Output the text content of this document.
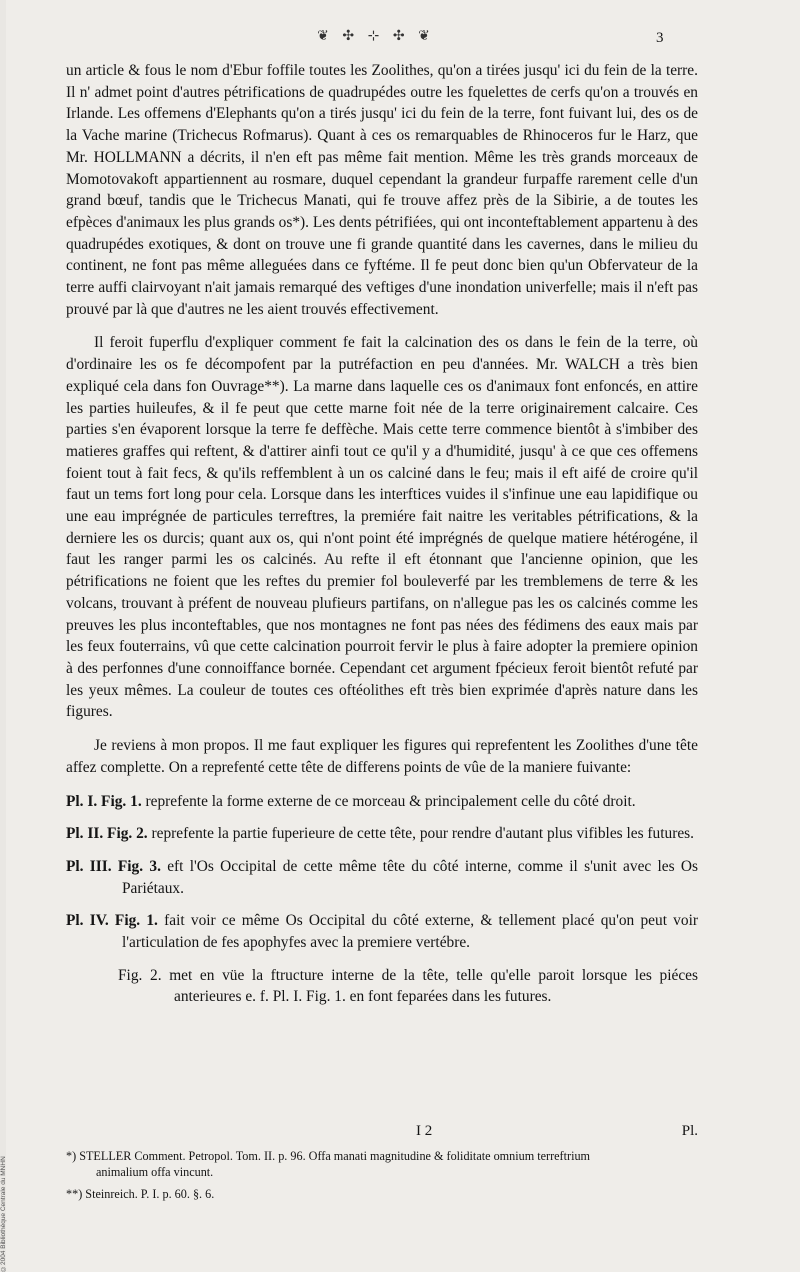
❦ ✣ ⊹ ✣ ❦	3

un article & fous le nom d'Ebur foffile toutes les Zoolithes, qu'on a tirées jusqu' ici du fein de la terre. Il n' admet point d'autres pétrifications de quadrupédes outre les fquelettes de cerfs qu'on a trouvés en Irlande. Les offemens d'Elephants qu'on a tirés jusqu' ici du fein de la terre, font fuivant lui, des os de la Vache marine (Trichecus Rofmarus). Quant à ces os remarquables de Rhinoceros fur le Harz, que Mr. HOLLMANN a décrits, il n'en eft pas même fait mention. Même les très grands morceaux de Momotovakoft appartiennent au rosmare, duquel cependant la grandeur furpaffe rarement celle d'un grand bœuf, tandis que le Trichecus Manati, qui fe trouve affez près de la Sibirie, a de toutes les efpèces d'animaux les plus grands os*). Les dents pétrifiées, qui ont inconteftablement appartenu à des quadrupédes exotiques, & dont on trouve une fi grande quantité dans les cavernes, dans le milieu du continent, ne font pas même alleguées dans ce fyftéme. Il fe peut donc bien qu'un Obfervateur de la terre auffi clairvoyant n'ait jamais remarqué des veftiges d'une inondation univerfelle; mais il n'eft pas prouvé par là que d'autres ne les aient trouvés effectivement.

Il feroit fuperflu d'expliquer comment fe fait la calcination des os dans le fein de la terre, où d'ordinaire les os fe décompofent par la putréfaction en peu d'années. Mr. WALCH a très bien expliqué cela dans fon Ouvrage**). La marne dans laquelle ces os d'animaux font enfoncés, en attire les parties huileufes, & il fe peut que cette marne foit née de la terre originairement calcaire. Ces parties s'en évaporent lorsque la terre fe deffèche. Mais cette terre commence bientôt à s'imbiber des matieres graffes qui reftent, & d'attirer ainfi tout ce qu'il y a d'humidité, jusqu' à ce que ces offemens foient tout à fait fecs, & qu'ils reffemblent à un os calciné dans le feu; mais il eft aifé de croire qu'il faut un tems fort long pour cela. Lorsque dans les interftices vuides il s'infinue une eau lapidifique ou une eau imprégnée de particules terreftres, la premiére fait naitre les veritables pétrifications, & la derniere les os durcis; quant aux os, qui n'ont point été imprégnés de quelque matiere hétérogéne, il faut les ranger parmi les os calcinés. Au refte il eft étonnant que l'ancienne opinion, que les pétrifications ne foient que les reftes du premier fol bouleverfé par les tremblemens de terre & les volcans, trouvant à préfent de nouveau plufieurs partifans, on n'allegue pas les os calcinés comme les preuves les plus inconteftables, que nos montagnes ne font pas nées des fédimens des eaux mais par les feux fouterrains, vû que cette calcination pourroit fervir le plus à faire adopter la premiere opinion à des perfonnes d'une connoiffance bornée. Cependant cet argument fpécieux feroit bientôt refuté par les yeux mêmes. La couleur de toutes ces oftéolithes eft très bien exprimée d'après nature dans les figures.

Je reviens à mon propos. Il me faut expliquer les figures qui reprefentent les Zoolithes d'une tête affez complette. On a reprefenté cette tête de differens points de vûe de la maniere fuivante:

Pl. I. Fig. 1. reprefente la forme externe de ce morceau & principalement celle du côté droit.
Pl. II. Fig. 2. reprefente la partie fuperieure de cette tête, pour rendre d'autant plus vifibles les futures.
Pl. III. Fig. 3. eft l'Os Occipital de cette même tête du côté interne, comme il s'unit avec les Os Pariétaux.
Pl. IV. Fig. 1. fait voir ce même Os Occipital du côté externe, & tellement placé qu'on peut voir l'articulation de fes apophyfes avec la premiere vertébre.
Fig. 2. met en vüe la ftructure interne de la tête, telle qu'elle paroit lorsque les piéces anterieures e. f. Pl. I. Fig. 1. en font feparées dans les futures.
I 2	Pl.
*) STELLER Comment. Petropol. Tom. II. p. 96. Offa manati magnitudine & foliditate omnium terreftrium
animalium offa vincunt.
**) Steinreich. P. I. p. 60. §. 6.
©2004 Bibliothèque Centrale du MNHN
